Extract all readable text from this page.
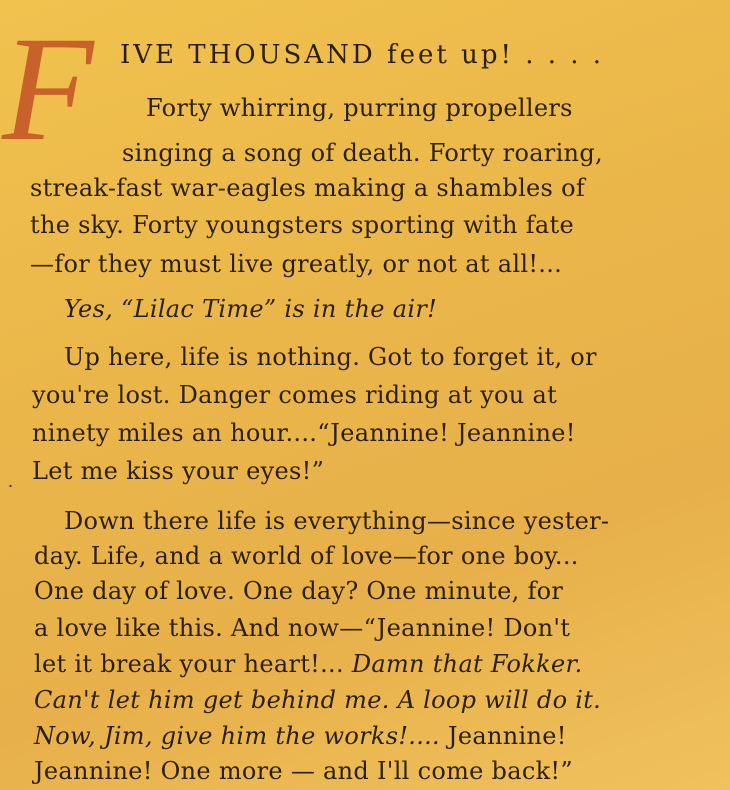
F IVE THOUSAND feet up! . . . .
Forty whirring, purring propellers
singing a song of death. Forty roaring,
streak-fast war-eagles making a shambles of
the sky. Forty youngsters sporting with fate
—for they must live greatly, or not at all!...
Yes, “Lilac Time” is in the air!
Up here, life is nothing. Got to forget it, or
you're lost. Danger comes riding at you at
ninety miles an hour....“Jeannine! Jeannine!
Let me kiss your eyes!”
Down there life is everything—since yester-
day. Life, and a world of love—for one boy...
One day of love. One day? One minute, for
a love like this. And now—“Jeannine! Don't
let it break your heart!... Damn that Fokker.
Can't let him get behind me. A loop will do it.
Now, Jim, give him the works!.... Jeannine!
Jeannine! One more — and I'll come back!”
.
